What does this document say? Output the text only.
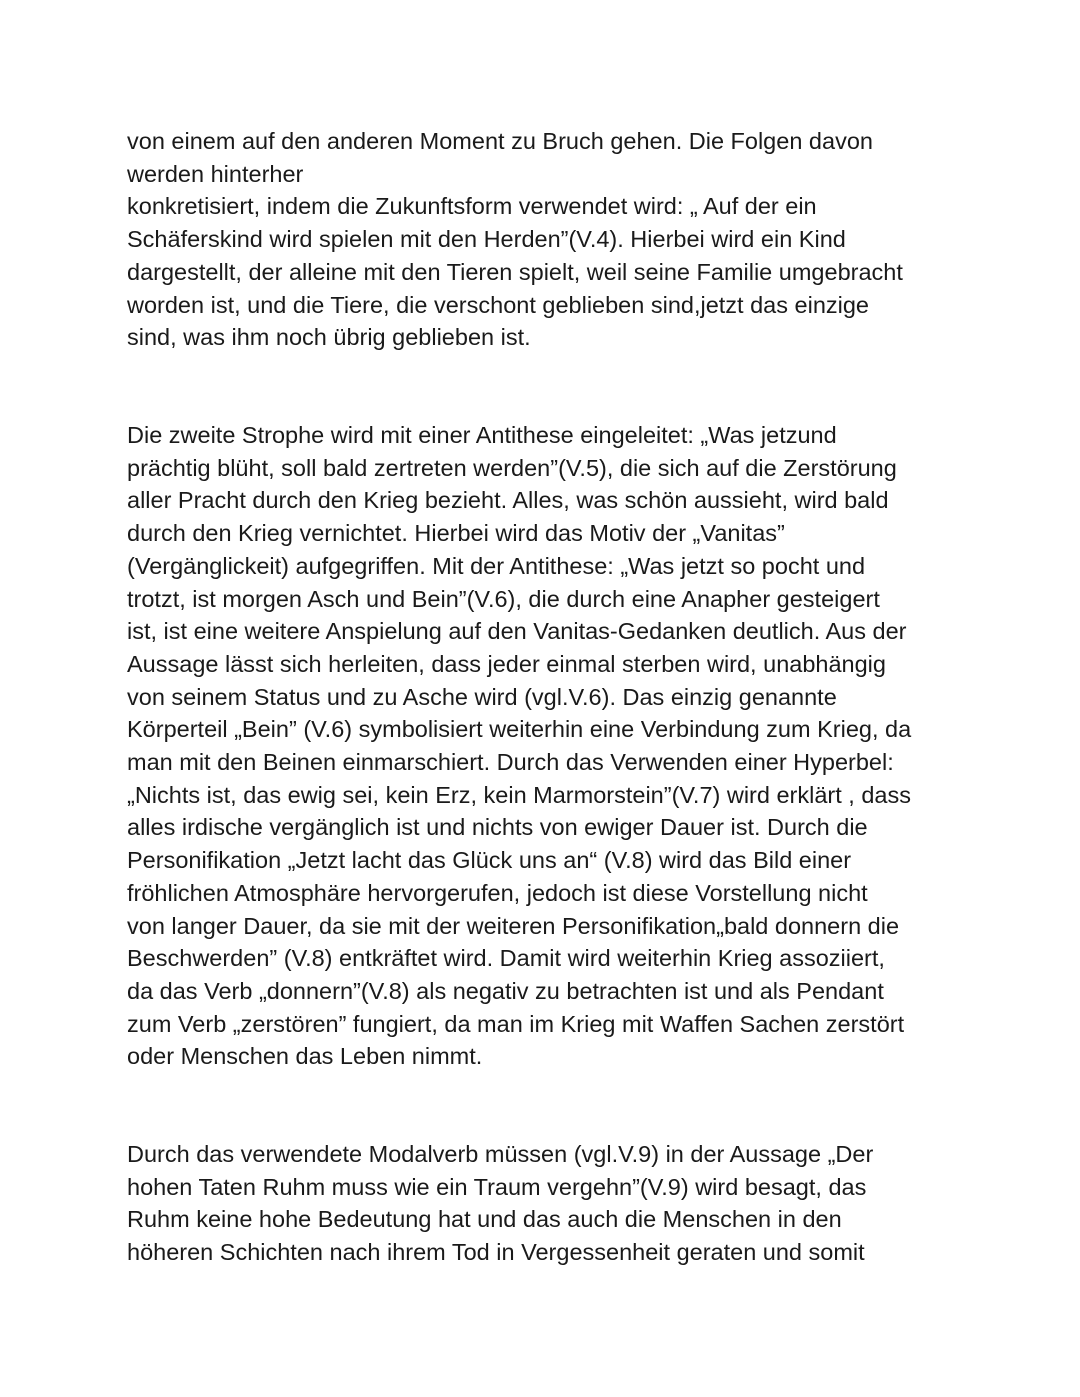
von einem auf den anderen Moment zu Bruch gehen. Die Folgen davon
werden hinterher
konkretisiert, indem die Zukunftsform verwendet wird: „ Auf der ein
Schäferskind wird spielen mit den Herden”(V.4). Hierbei wird ein Kind
dargestellt, der alleine mit den Tieren spielt, weil seine Familie umgebracht
worden ist, und die Tiere, die verschont geblieben sind,jetzt das einzige
sind, was ihm noch übrig geblieben ist.
Die zweite Strophe wird mit einer Antithese eingeleitet: „Was jetzund
prächtig blüht, soll bald zertreten werden”(V.5), die sich auf die Zerstörung
aller Pracht durch den Krieg bezieht. Alles, was schön aussieht, wird bald
durch den Krieg vernichtet. Hierbei wird das Motiv der „Vanitas”
(Vergänglickeit) aufgegriffen. Mit der Antithese: „Was jetzt so pocht und
trotzt, ist morgen Asch und Bein”(V.6), die durch eine Anapher gesteigert
ist, ist eine weitere Anspielung auf den Vanitas-Gedanken deutlich. Aus der
Aussage lässt sich herleiten, dass jeder einmal sterben wird, unabhängig
von seinem Status und zu Asche wird (vgl.V.6). Das einzig genannte
Körperteil „Bein” (V.6) symbolisiert weiterhin eine Verbindung zum Krieg, da
man mit den Beinen einmarschiert. Durch das Verwenden einer Hyperbel:
„Nichts ist, das ewig sei, kein Erz, kein Marmorstein”(V.7) wird erklärt , dass
alles irdische vergänglich ist und nichts von ewiger Dauer ist. Durch die
Personifikation „Jetzt lacht das Glück uns an“ (V.8) wird das Bild einer
fröhlichen Atmosphäre hervorgerufen, jedoch ist diese Vorstellung nicht
von langer Dauer, da sie mit der weiteren Personifikation„bald donnern die
Beschwerden” (V.8) entkräftet wird. Damit wird weiterhin Krieg assoziiert,
da das Verb „donnern”(V.8) als negativ zu betrachten ist und als Pendant
zum Verb „zerstören” fungiert, da man im Krieg mit Waffen Sachen zerstört
oder Menschen das Leben nimmt.
Durch das verwendete Modalverb müssen (vgl.V.9) in der Aussage „Der
hohen Taten Ruhm muss wie ein Traum vergehn”(V.9) wird besagt, das
Ruhm keine hohe Bedeutung hat und das auch die Menschen in den
höheren Schichten nach ihrem Tod in Vergessenheit geraten und somit
